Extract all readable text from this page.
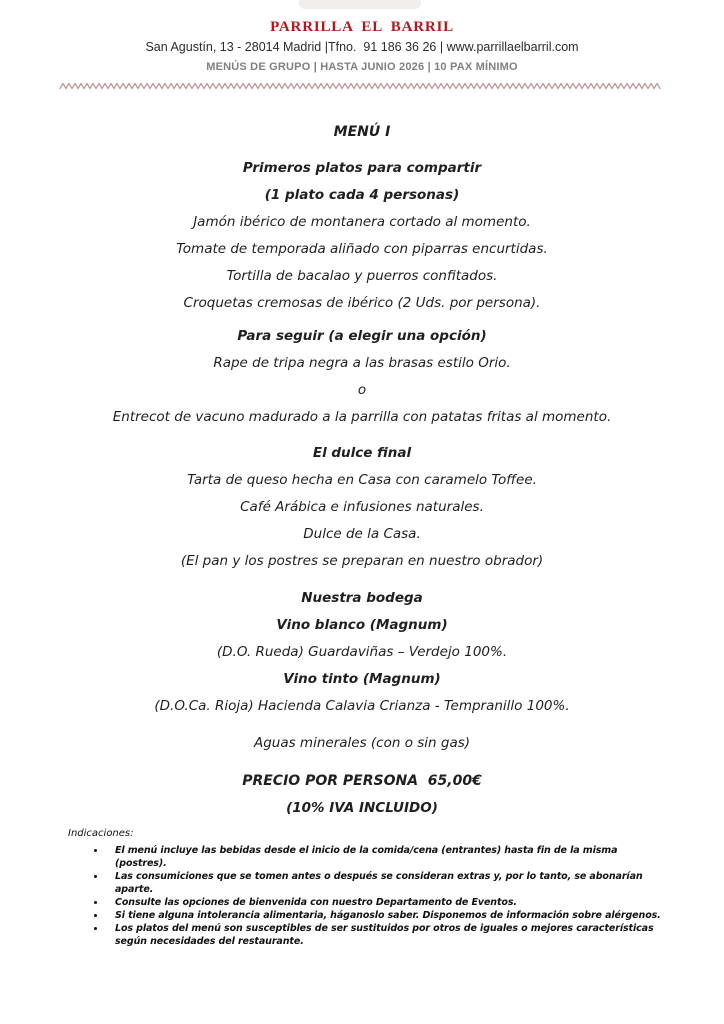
PARRILLA EL BARRIL

San Agustín, 13 - 28014 Madrid |Tfno.  91 186 36 26 | www.parrillaelbarril.com

MENÚS DE GRUPO | HASTA JUNIO 2026 | 10 PAX MÍNIMO

MENÚ I

Primeros platos para compartir

(1 plato cada 4 personas)

Jamón ibérico de montanera cortado al momento.

Tomate de temporada aliñado con piparras encurtidas.

Tortilla de bacalao y puerros confitados.

Croquetas cremosas de ibérico (2 Uds. por persona).

Para seguir (a elegir una opción)

Rape de tripa negra a las brasas estilo Orio.

o

Entrecot de vacuno madurado a la parrilla con patatas fritas al momento.

El dulce final

Tarta de queso hecha en Casa con caramelo Toffee.

Café Arábica e infusiones naturales.

Dulce de la Casa.

(El pan y los postres se preparan en nuestro obrador)

Nuestra bodega

Vino blanco (Magnum)

(D.O. Rueda) Guardaviñas – Verdejo 100%.

Vino tinto (Magnum)

(D.O.Ca. Rioja) Hacienda Calavia Crianza - Tempranillo 100%.

Aguas minerales (con o sin gas)

PRECIO POR PERSONA  65,00€

(10% IVA INCLUIDO)

Indicaciones:

• El menú incluye las bebidas desde el inicio de la comida/cena (entrantes) hasta fin de la misma (postres).
• Las consumiciones que se tomen antes o después se consideran extras y, por lo tanto, se abonarían aparte.
• Consulte las opciones de bienvenida con nuestro Departamento de Eventos.
• Si tiene alguna intolerancia alimentaria, háganoslo saber. Disponemos de información sobre alérgenos.
• Los platos del menú son susceptibles de ser sustituidos por otros de iguales o mejores características según necesidades del restaurante.
